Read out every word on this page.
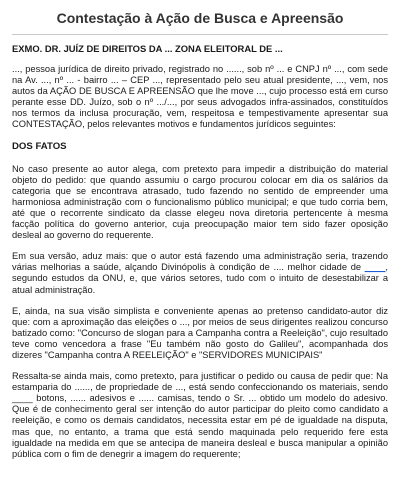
Contestação à Ação de Busca e Apreensão
EXMO. DR. JUÍZ DE DIREITOS DA ... ZONA ELEITORAL DE ...

..., pessoa jurídica de direito privado, registrado no ......, sob nº ... e CNPJ nº ..., com sede na Av. ..., nº ... - bairro ... – CEP ..., representado pelo seu atual presidente, ..., vem, nos autos da AÇÃO DE BUSCA E APREENSÃO que lhe move ..., cujo processo está em curso perante esse DD. Juízo, sob o nº .../..., por seus advogados infra-assinados, constituídos nos termos da inclusa procuração, vem, respeitosa e tempestivamente apresentar sua CONTESTAÇÃO, pelos relevantes motivos e fundamentos jurídicos seguintes:

DOS FATOS

No caso presente ao autor alega, com pretexto para impedir a distribuição do material objeto do pedido: que quando assumiu o cargo procurou colocar em dia os salários da categoria que se encontrava atrasado, tudo fazendo no sentido de empreender uma harmoniosa administração com o funcionalismo público municipal; e que tudo corria bem, até que o recorrente sindicato da classe elegeu nova diretoria pertencente à mesma facção política do governo anterior, cuja preocupação maior tem sido fazer oposição desleal ao governo do requerente.

Em sua versão, aduz mais: que o autor está fazendo uma administração seria, trazendo várias melhorias a saúde, alçando Divinópolis à condição de .... melhor cidade de ____, segundo estudos da ONU, e, que vários setores, tudo com o intuito de desestabilizar a atual administração.

E, ainda, na sua visão simplista e conveniente apenas ao pretenso candidato-autor diz que: com a aproximação das eleições o ..., por meios de seus dirigentes realizou concurso batizado como: "Concurso de slogan para a Campanha contra a Reeleição", cujo resultado teve como vencedora a frase "Eu também não gosto do Galileu", acompanhada dos dizeres "Campanha contra A REELEIÇÃO" e "SERVIDORES MUNICIPAIS"

Ressalta-se ainda mais, como pretexto, para justificar o pedido ou causa de pedir que: Na estamparia do ......, de propriedade de ..., está sendo confeccionando os materiais, sendo ____ botons, ...... adesivos e ...... camisas, tendo o Sr. ... obtido um modelo do adesivo. Que é de conhecimento geral ser intenção do autor participar do pleito como candidato a reeleição, e como os demais candidatos, necessita estar em pé de igualdade na disputa, mas que, no entanto, a trama que está sendo maquinada pelo requerido fere esta igualdade na medida em que se antecipa de maneira desleal e busca manipular a opinião pública com o fim de denegrir a imagem do requerente;
